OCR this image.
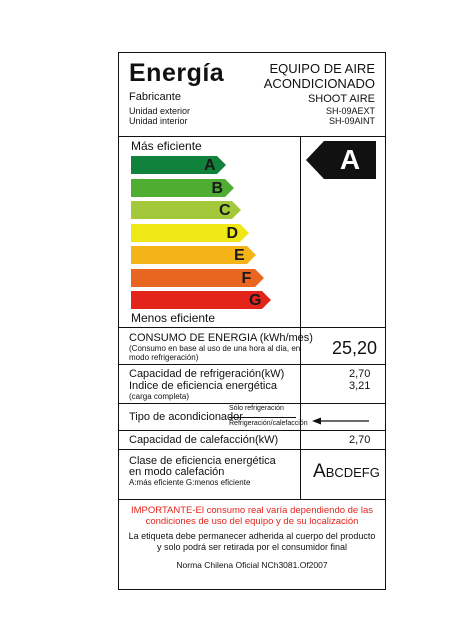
Energía
Fabricante
Unidad exterior
Unidad interior
EQUIPO DE AIRE
ACONDICIONADO
SHOOT AIRE
SH-09AEXT
SH-09AINT
Más eficiente
A
B
C
D
E
F
G
Menos eficiente
A
CONSUMO DE ENERGIA (kWh/mes)
(Consumo en base al uso de una hora al día, en
modo refrigeración)	25,20
Capacidad de refrigeración(kW)	2,70
Indice de eficiencia energética	3,21
(carga completa)
Tipo de acondicionador
Sólo refrigeración
Refrigeración/calefacción
Capacidad de calefacción(kW)	2,70
Clase de eficiencia energética
en modo calefación
A:más eficiente G:menos eficiente
ABCDEFG
IMPORTANTE-El consumo real varía dependiendo de las
condiciones de uso del equipo y de su localización
La etiqueta debe permanecer adherida al cuerpo del producto
y solo podrá ser retirada por el consumidor final
Norma Chilena Oficial NCh3081.Of2007
